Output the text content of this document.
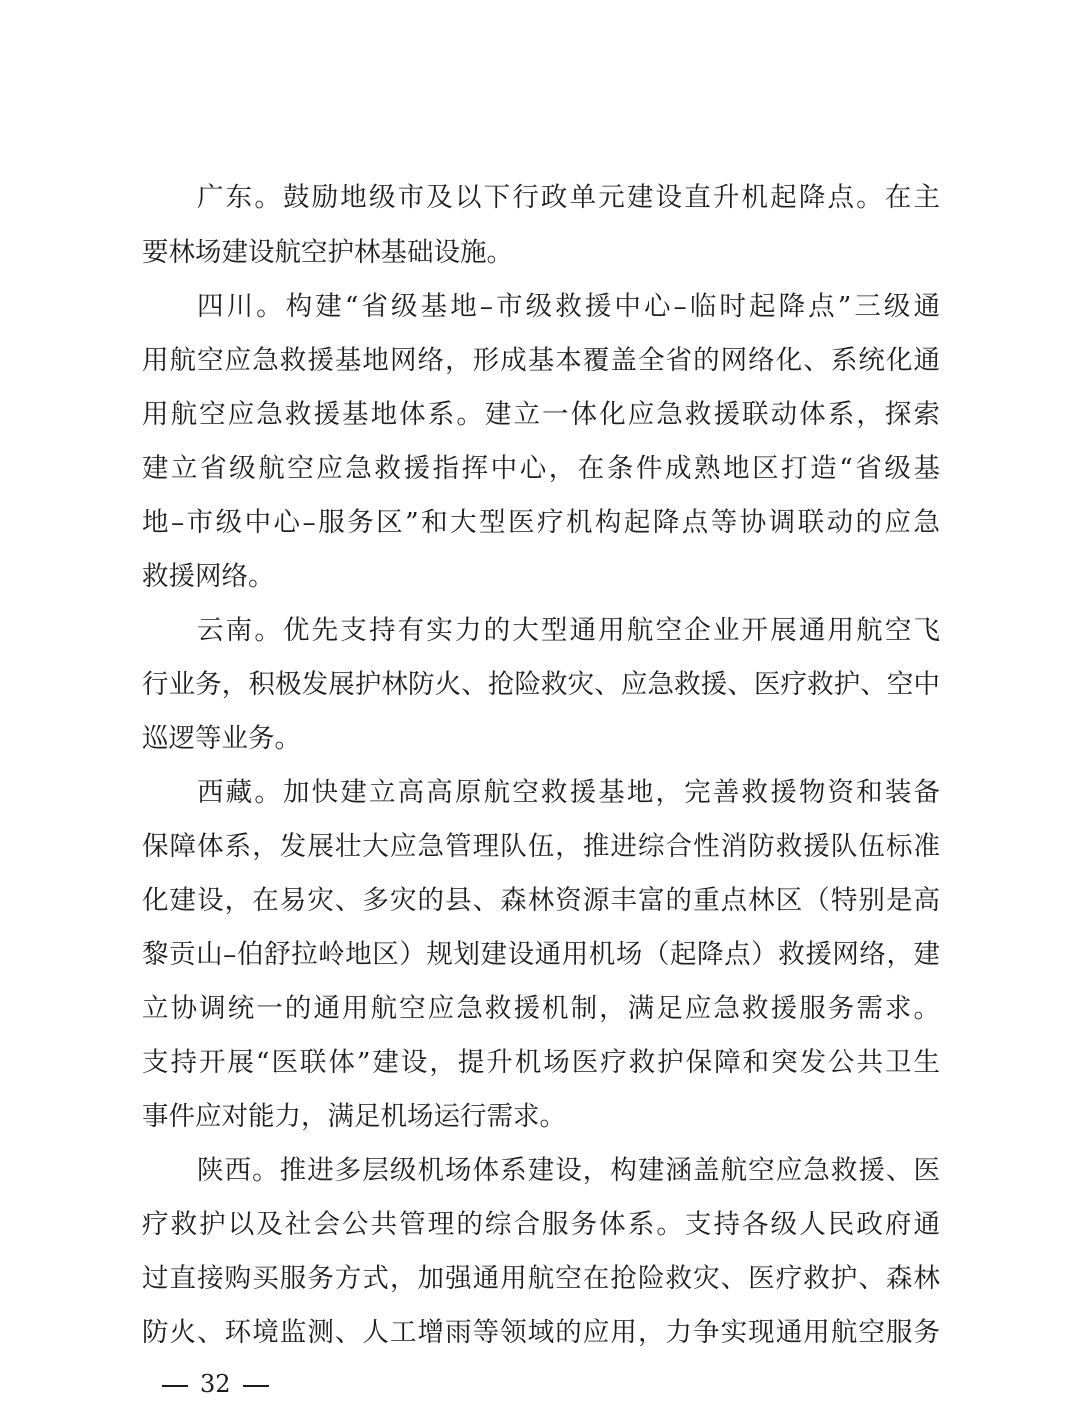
广东。鼓励地级市及以下行政单元建设直升机起降点。在主
要林场建设航空护林基础设施。
四川。构建“省级基地–市级救援中心–临时起降点”三级通
用航空应急救援基地网络，形成基本覆盖全省的网络化、系统化通
用航空应急救援基地体系。建立一体化应急救援联动体系，探索
建立省级航空应急救援指挥中心，在条件成熟地区打造“省级基
地–市级中心–服务区”和大型医疗机构起降点等协调联动的应急
救援网络。
云南。优先支持有实力的大型通用航空企业开展通用航空飞
行业务，积极发展护林防火、抢险救灾、应急救援、医疗救护、空中
巡逻等业务。
西藏。加快建立高高原航空救援基地，完善救援物资和装备
保障体系，发展壮大应急管理队伍，推进综合性消防救援队伍标准
化建设，在易灾、多灾的县、森林资源丰富的重点林区（特别是高
黎贡山–伯舒拉岭地区）规划建设通用机场（起降点）救援网络，建
立协调统一的通用航空应急救援机制，满足应急救援服务需求。
支持开展“医联体”建设，提升机场医疗救护保障和突发公共卫生
事件应对能力，满足机场运行需求。
陕西。推进多层级机场体系建设，构建涵盖航空应急救援、医
疗救护以及社会公共管理的综合服务体系。支持各级人民政府通
过直接购买服务方式，加强通用航空在抢险救灾、医疗救护、森林
防火、环境监测、人工增雨等领域的应用，力争实现通用航空服务
32
